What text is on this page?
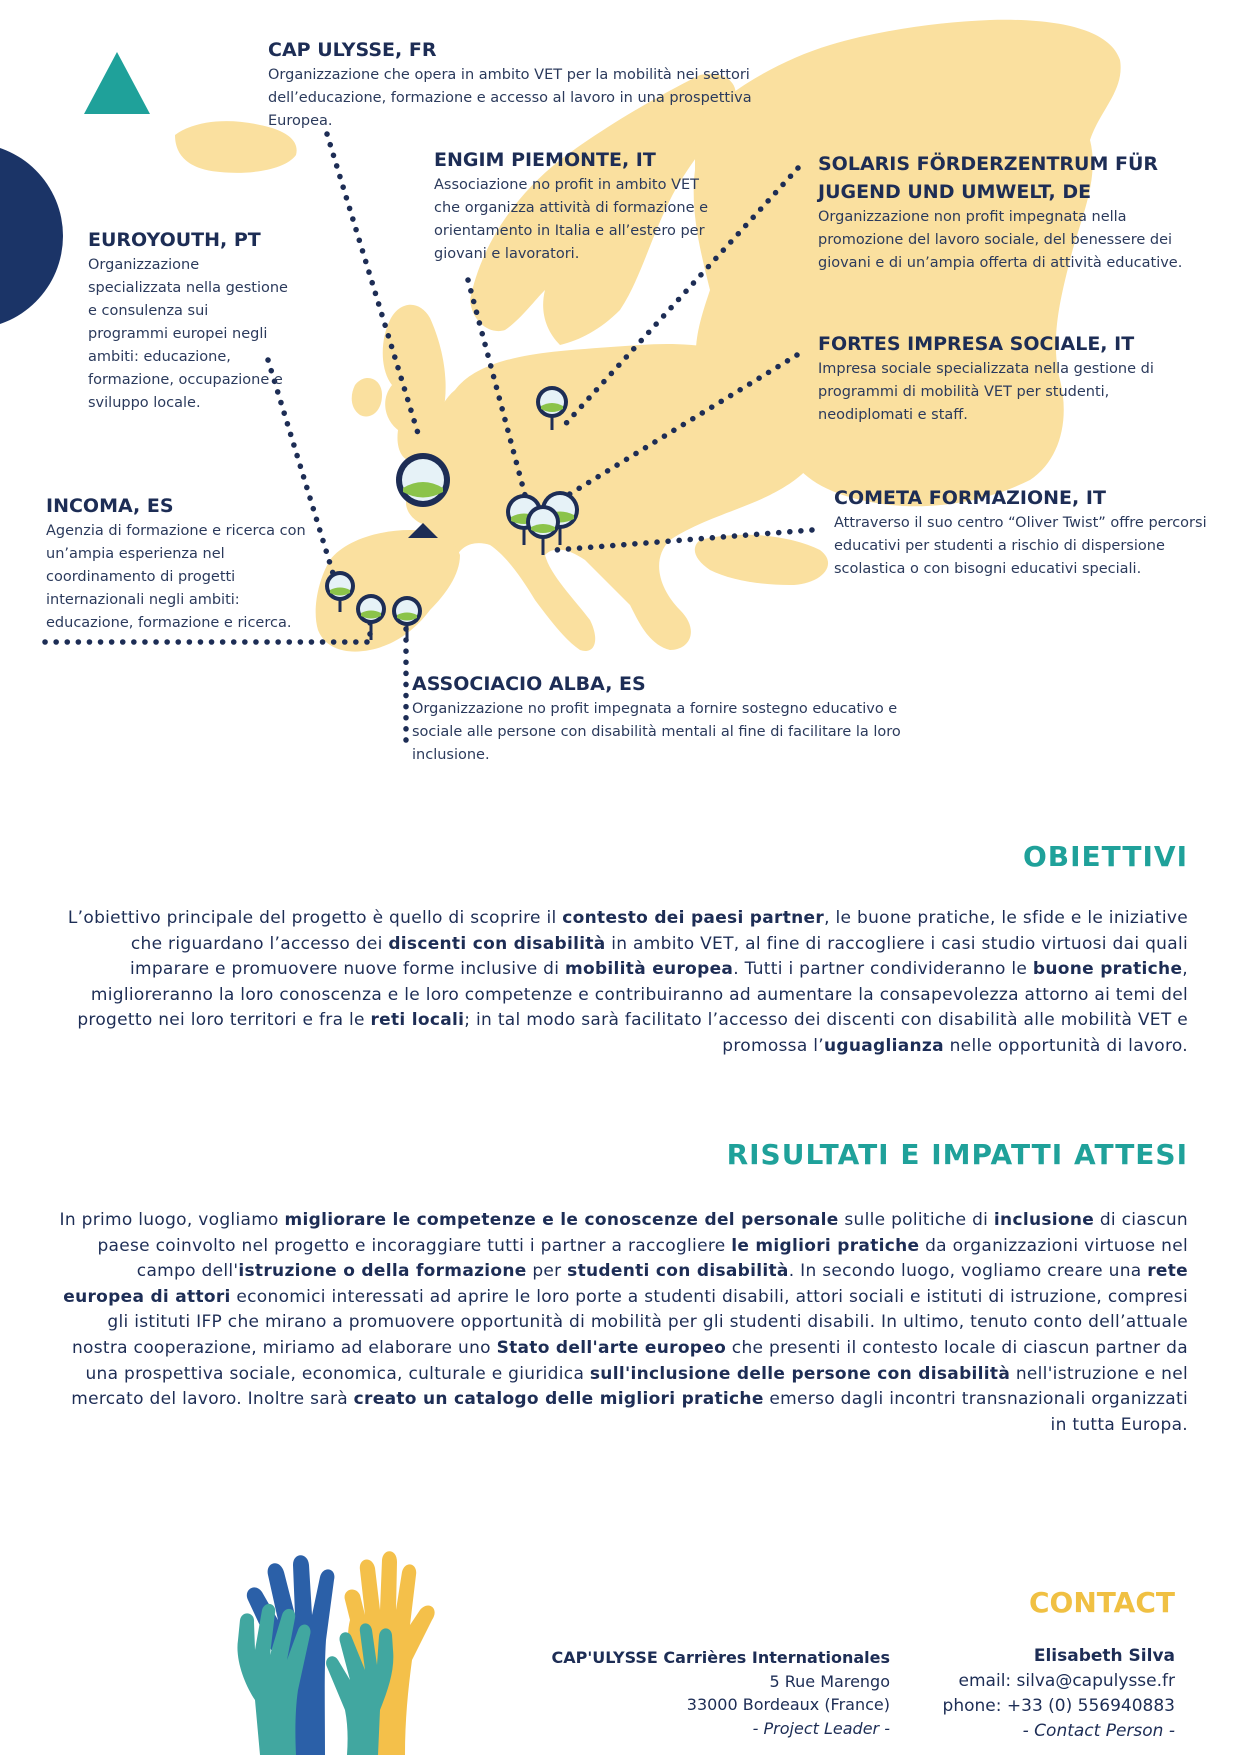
CAP ULYSSE, FR

Organizzazione che opera in ambito VET per la mobilità nei settori dell’educazione, formazione e accesso al lavoro in una prospettiva Europea.

ENGIM PIEMONTE, IT

Associazione no profit in ambito VET che organizza attività di formazione e orientamento in Italia e all’estero per giovani e lavoratori.

SOLARIS FÖRDERZENTRUM FÜR JUGEND UND UMWELT, DE

Organizzazione non profit impegnata nella promozione del lavoro sociale, del benessere dei giovani e di un’ampia offerta di attività educative.

EUROYOUTH, PT

Organizzazione specializzata nella gestione e consulenza sui programmi europei negli ambiti: educazione, formazione, occupazione e sviluppo locale.

FORTES IMPRESA SOCIALE, IT

Impresa sociale specializzata nella gestione di programmi di mobilità VET per studenti, neodiplomati e staff.

INCOMA, ES

Agenzia di formazione e ricerca con un’ampia esperienza nel coordinamento di progetti internazionali negli ambiti: educazione, formazione e ricerca.

COMETA FORMAZIONE, IT

Attraverso il suo centro “Oliver Twist” offre percorsi educativi per studenti a rischio di dispersione scolastica o con bisogni educativi speciali.

ASSOCIACIO ALBA, ES

Organizzazione no profit impegnata a fornire sostegno educativo e sociale alle persone con disabilità mentali al fine di facilitare la loro inclusione.

OBIETTIVI
L’obiettivo principale del progetto è quello di scoprire il contesto dei paesi partner, le buone pratiche, le sfide e le iniziative che riguardano l’accesso dei discenti con disabilità in ambito VET, al fine di raccogliere i casi studio virtuosi dai quali imparare e promuovere nuove forme inclusive di mobilità europea. Tutti i partner condivideranno le buone pratiche, miglioreranno la loro conoscenza e le loro competenze e contribuiranno ad aumentare la consapevolezza attorno ai temi del progetto nei loro territori e fra le reti locali; in tal modo sarà facilitato l’accesso dei discenti con disabilità alle mobilità VET e promossa l’uguaglianza nelle opportunità di lavoro.
RISULTATI E IMPATTI ATTESI
In primo luogo, vogliamo migliorare le competenze e le conoscenze del personale sulle politiche di inclusione di ciascun paese coinvolto nel progetto e incoraggiare tutti i partner a raccogliere le migliori pratiche da organizzazioni virtuose nel campo dell'istruzione o della formazione per studenti con disabilità. In secondo luogo, vogliamo creare una rete europea di attori economici interessati ad aprire le loro porte a studenti disabili, attori sociali e istituti di istruzione, compresi gli istituti IFP che mirano a promuovere opportunità di mobilità per gli studenti disabili. In ultimo, tenuto conto dell’attuale nostra cooperazione, miriamo ad elaborare uno Stato dell'arte europeo che presenti il contesto locale di ciascun partner da una prospettiva sociale, economica, culturale e giuridica sull'inclusione delle persone con disabilità nell'istruzione e nel mercato del lavoro. Inoltre sarà creato un catalogo delle migliori pratiche emerso dagli incontri transnazionali organizzati in tutta Europa.
CONTACT
CAP'ULYSSE Carrières Internationales
5 Rue Marengo
33000 Bordeaux (France)
- Project Leader -
Elisabeth Silva
email: silva@capulysse.fr
phone: +33 (0) 556940883
- Contact Person -
